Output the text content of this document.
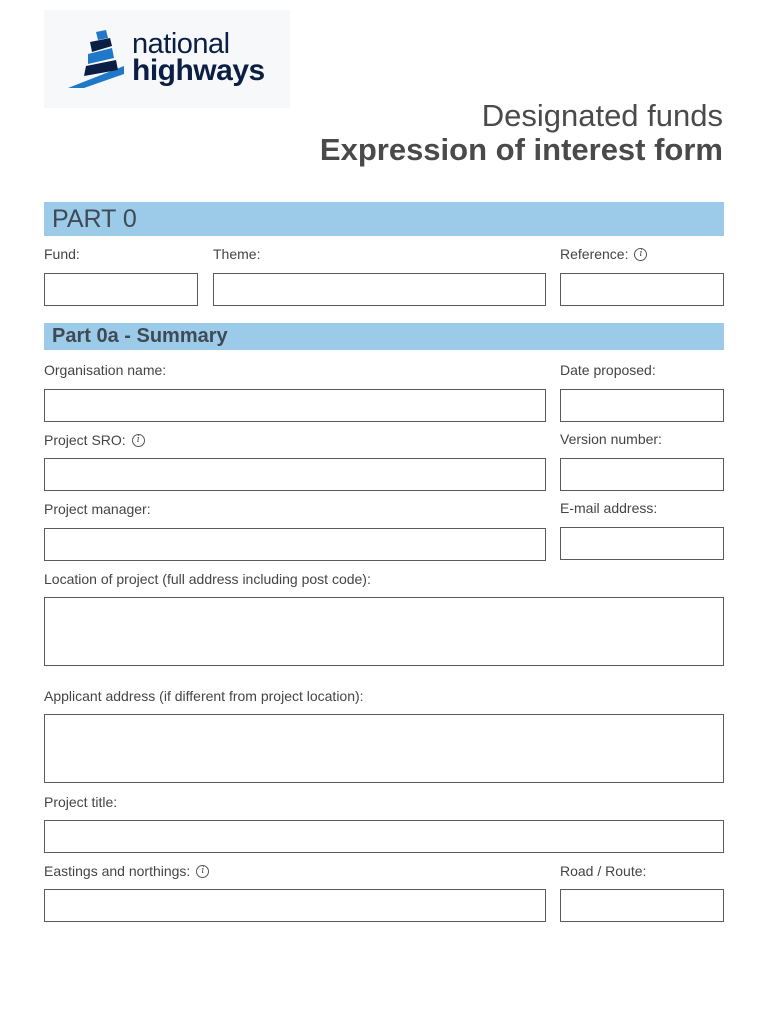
national
highways
Designated funds
Expression of interest form
PART 0
Fund:	Theme:	Reference:	i
Part 0a - Summary
Organisation name:	Date proposed:
Project SRO:	i	Version number:
Project manager:	E-mail address:
Location of project (full address including post code):
Applicant address (if different from project location):
Project title:
Eastings and northings:	i	Road / Route:
